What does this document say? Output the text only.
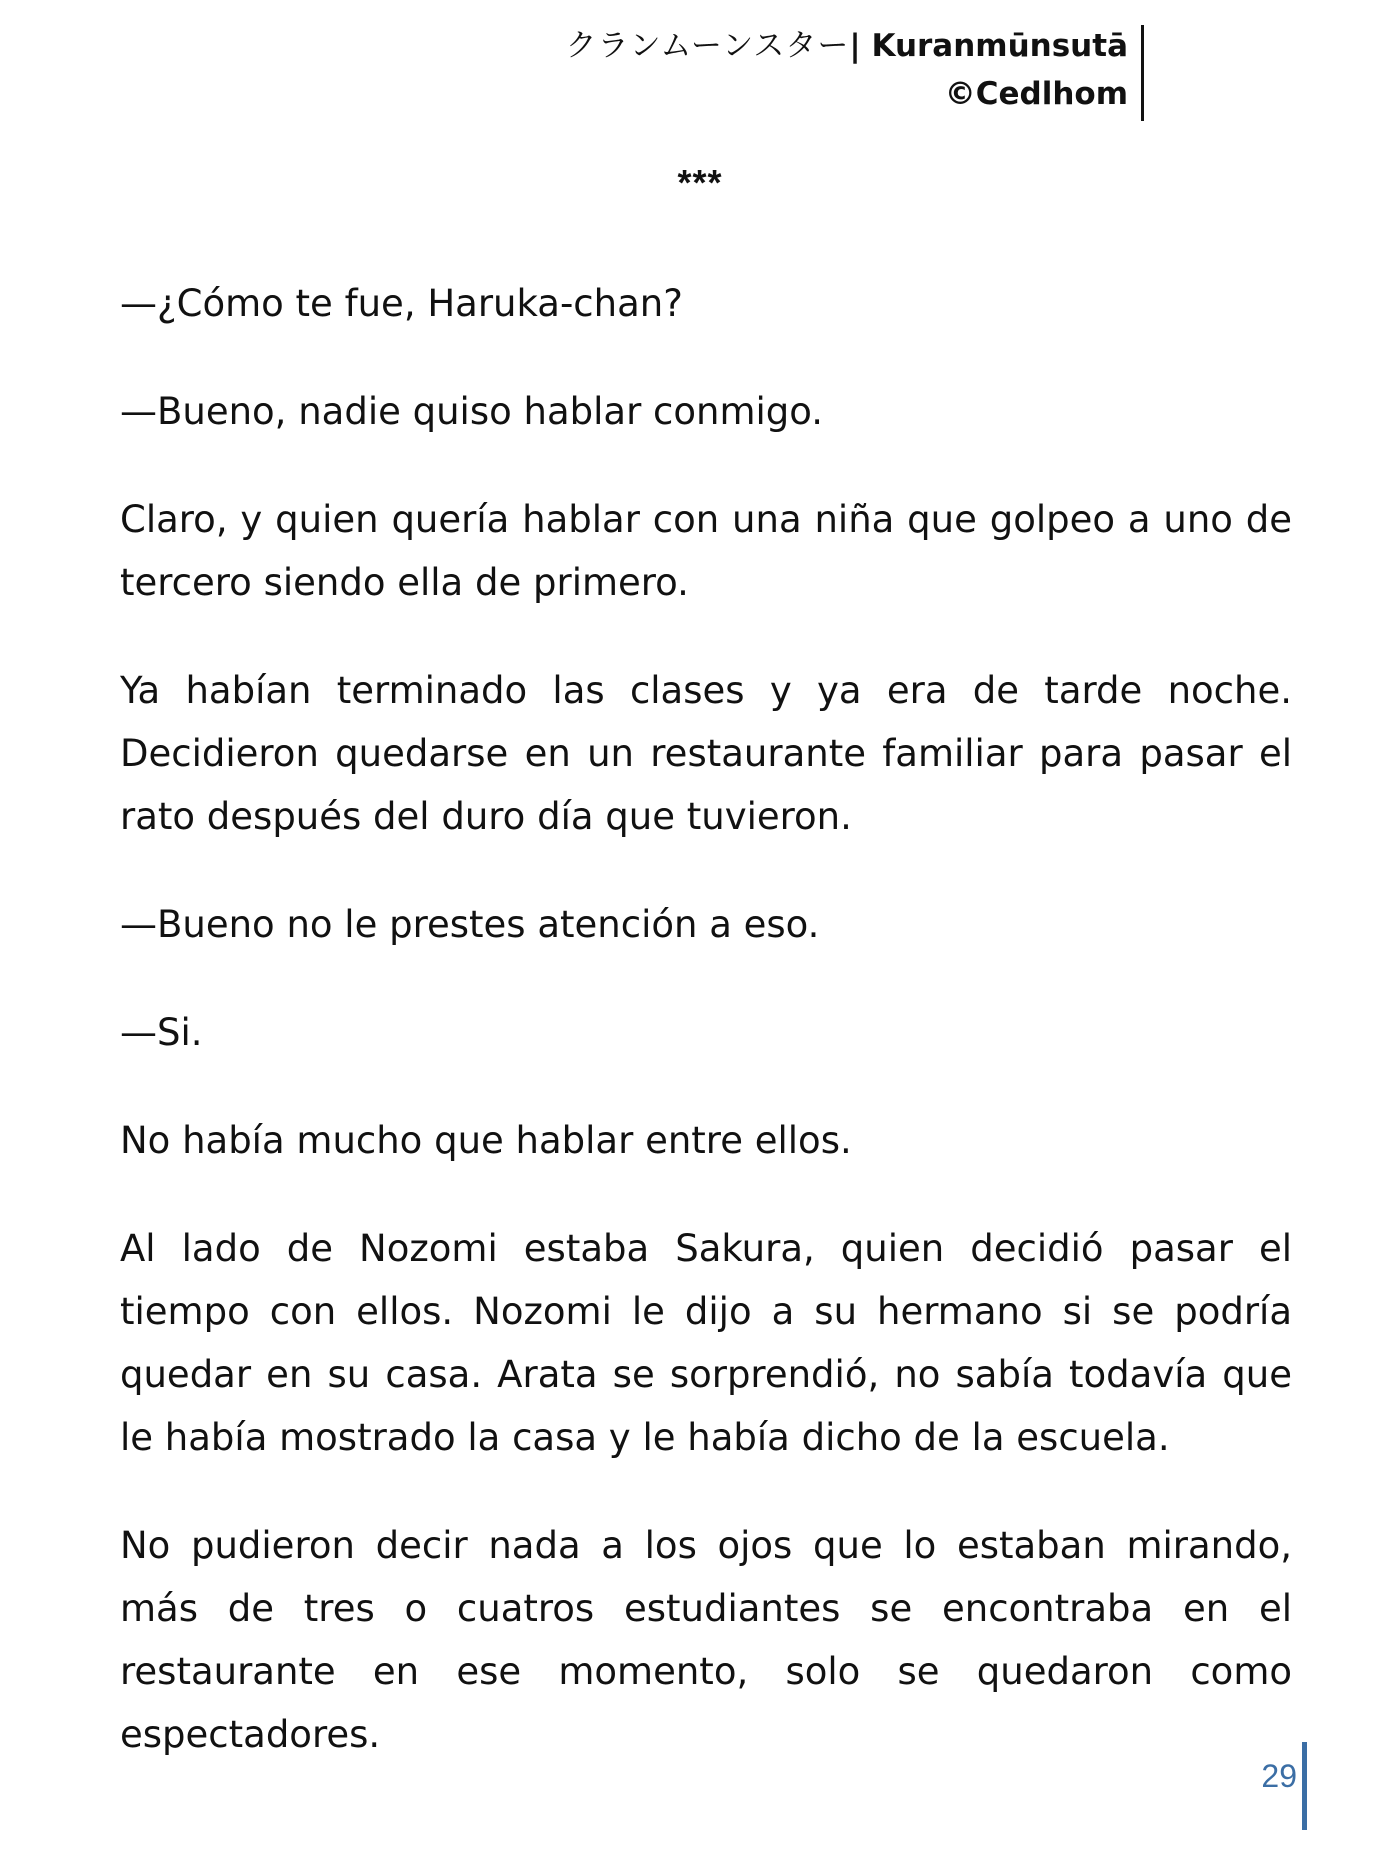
クランムーンスター| Kuranmūnsutā
©Cedlhom
***

—¿Cómo te fue, Haruka-chan?

—Bueno, nadie quiso hablar conmigo.

Claro, y quien quería hablar con una niña que golpeo a uno de tercero siendo ella de primero.

Ya habían terminado las clases y ya era de tarde noche. Decidieron quedarse en un restaurante familiar para pasar el rato después del duro día que tuvieron.

—Bueno no le prestes atención a eso.

—Si.

No había mucho que hablar entre ellos.

Al lado de Nozomi estaba Sakura, quien decidió pasar el tiempo con ellos. Nozomi le dijo a su hermano si se podría quedar en su casa. Arata se sorprendió, no sabía todavía que le había mostrado la casa y le había dicho de la escuela.

No pudieron decir nada a los ojos que lo estaban mirando, más de tres o cuatros estudiantes se encontraba en el restaurante en ese momento, solo se quedaron como espectadores.

29
